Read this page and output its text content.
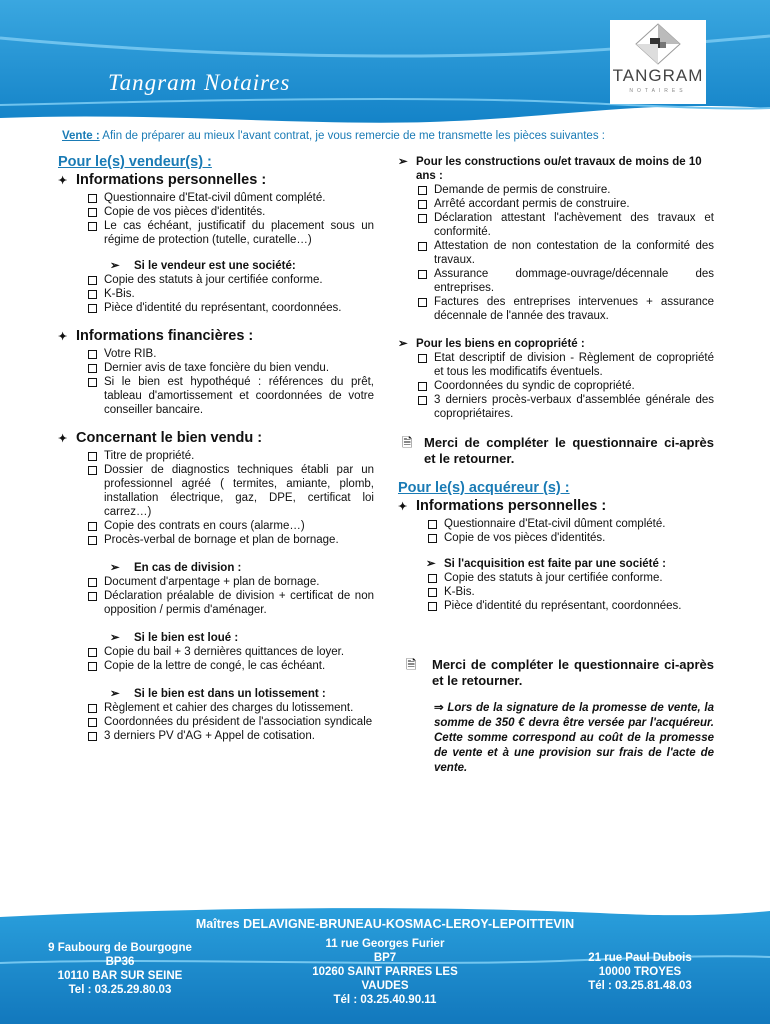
Tangram Notaires	TANGRAM
NOTAIRES
Vente : Afin de préparer au mieux l'avant contrat, je vous remercie de me transmette les pièces suivantes :
Pour le(s) vendeur(s) :
✦ Informations personnelles :
Questionnaire d'Etat-civil dûment complété.
Copie de vos pièces d'identités.
Le cas échéant, justificatif du placement sous un régime de protection (tutelle, curatelle…)
➢ Si le vendeur est une société:
Copie des statuts à jour certifiée conforme.
K-Bis.
Pièce d'identité du représentant, coordonnées.
✦ Informations financières :
Votre RIB.
Dernier avis de taxe foncière du bien vendu.
Si le bien est hypothéqué : références du prêt, tableau d'amortissement et coordonnées de votre conseiller bancaire.
✦ Concernant le bien vendu :
Titre de propriété.
Dossier de diagnostics techniques établi par un professionnel agréé ( termites, amiante, plomb, installation électrique, gaz, DPE, certificat loi carrez…)
Copie des contrats en cours (alarme…)
Procès-verbal de bornage et plan de bornage.
➢ En cas de division :
Document d'arpentage + plan de bornage.
Déclaration préalable de division + certificat de non opposition / permis d'aménager.
➢ Si le bien est loué :
Copie du bail + 3 dernières quittances de loyer.
Copie de la lettre de congé, le cas échéant.
➢ Si le bien est dans un lotissement :
Règlement et cahier des charges du lotissement.
Coordonnées du président de l'association syndicale
3 derniers PV d'AG + Appel de cotisation.
➢ Pour les constructions ou/et travaux de moins de 10 ans :
Demande de permis de construire.
Arrêté accordant permis de construire.
Déclaration attestant l'achèvement des travaux et conformité.
Attestation de non contestation de la conformité des travaux.
Assurance dommage-ouvrage/décennale des entreprises.
Factures des entreprises intervenues + assurance décennale de l'année des travaux.
➢ Pour les biens en copropriété :
Etat descriptif de division - Règlement de copropriété et tous les modificatifs éventuels.
Coordonnées du syndic de copropriété.
3 derniers procès-verbaux d'assemblée générale des copropriétaires.
🗎 Merci de compléter le questionnaire ci-après et le retourner.
Pour le(s) acquéreur (s) :
✦ Informations personnelles :
Questionnaire d'Etat-civil dûment complété.
Copie de vos pièces d'identités.
➢ Si l'acquisition est faite par une société :
Copie des statuts à jour certifiée conforme.
K-Bis.
Pièce d'identité du représentant, coordonnées.
🗎 Merci de compléter le questionnaire ci-après et le retourner.
⇒ Lors de la signature de la promesse de vente, la somme de 350 € devra être versée par l'acquéreur. Cette somme correspond au coût de la promesse de vente et à une provision sur frais de l'acte de vente.
Maîtres DELAVIGNE-BRUNEAU-KOSMAC-LEROY-LEPOITTEVIN
9 Faubourg de Bourgogne
BP36
10110 BAR SUR SEINE
Tel : 03.25.29.80.03
11 rue Georges Furier
BP7
10260 SAINT PARRES LES
VAUDES
Tél : 03.25.40.90.11
21 rue Paul Dubois
10000 TROYES
Tél : 03.25.81.48.03
